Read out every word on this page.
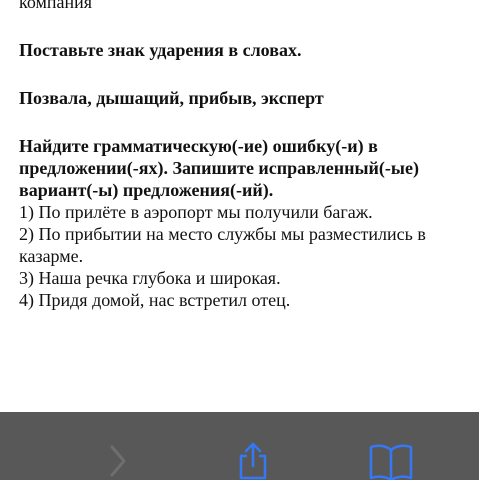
компания

Поставьте знак ударения в словах.

Позвала, дышащий, прибыв, эксперт

Найдите грамматическую(-ие) ошибку(-и) в предложении(-ях). Запишите исправленный(-ые) вариант(-ы) предложения(-ий).

1) По прилёте в аэропорт мы получили багаж.

2) По прибытии на место службы мы разместились в казарме.

3) Наша речка глубока и широкая.

4) Придя домой, нас встретил отец.
